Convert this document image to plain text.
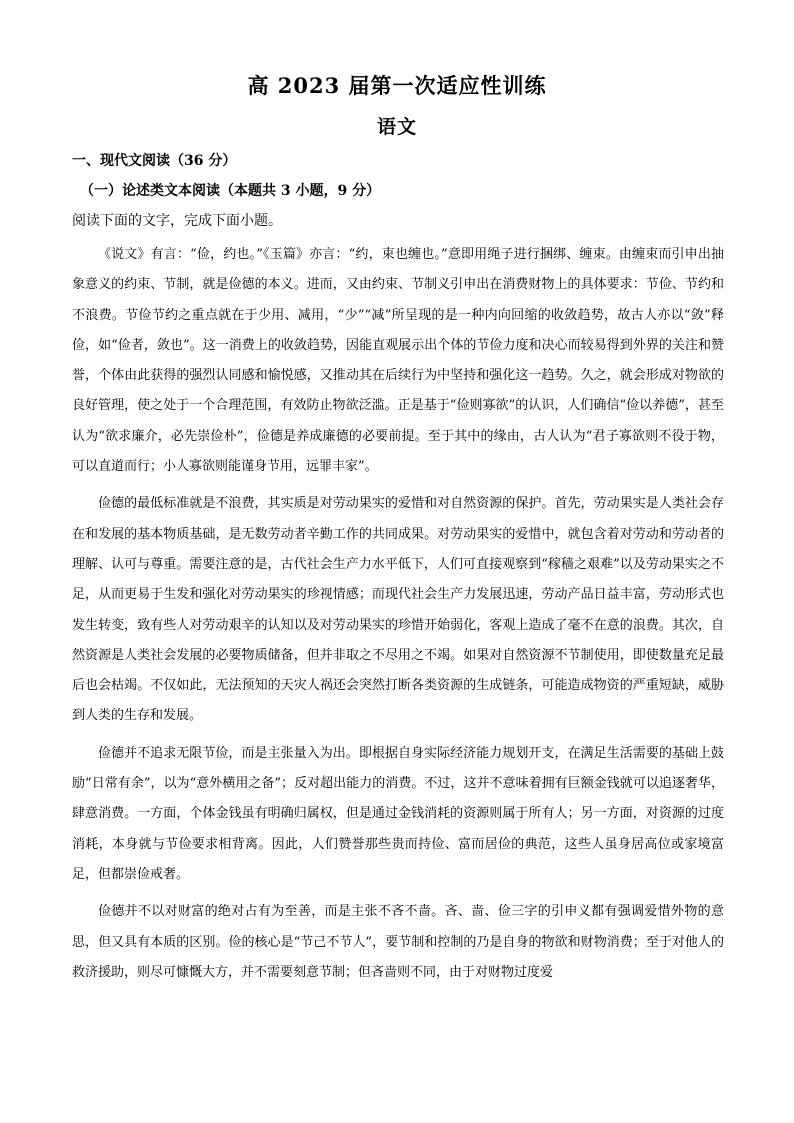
高 2023 届第一次适应性训练
语文
一、现代文阅读（36 分）
（一）论述类文本阅读（本题共 3 小题，9 分）
阅读下面的文字，完成下面小题。

《说文》有言：“俭，约也。”《玉篇》亦言：“约，束也缠也。”意即用绳子进行捆绑、缠束。由缠束而引申出抽象意义的约束、节制，就是俭德的本义。进而，又由约束、节制义引申出在消费财物上的具体要求：节俭、节约和不浪费。节俭节约之重点就在于少用、减用，“少”“减”所呈现的是一种内向回缩的收敛趋势，故古人亦以“敛”释俭，如“俭者，敛也”。这一消费上的收敛趋势，因能直观展示出个体的节俭力度和决心而较易得到外界的关注和赞誉，个体由此获得的强烈认同感和愉悦感，又推动其在后续行为中坚持和强化这一趋势。久之，就会形成对物欲的良好管理，使之处于一个合理范围，有效防止物欲泛滥。正是基于“俭则寡欲”的认识，人们确信“俭以养德”，甚至认为“欲求廉介，必先崇俭朴”，俭德是养成廉德的必要前提。至于其中的缘由，古人认为“君子寡欲则不役于物，可以直道而行；小人寡欲则能谨身节用，远罪丰家”。

俭德的最低标准就是不浪费，其实质是对劳动果实的爱惜和对自然资源的保护。首先，劳动果实是人类社会存在和发展的基本物质基础，是无数劳动者辛勤工作的共同成果。对劳动果实的爱惜中，就包含着对劳动和劳动者的理解、认可与尊重。需要注意的是，古代社会生产力水平低下，人们可直接观察到“稼穑之艰难”以及劳动果实之不足，从而更易于生发和强化对劳动果实的珍视情感；而现代社会生产力发展迅速，劳动产品日益丰富，劳动形式也发生转变，致有些人对劳动艰辛的认知以及对劳动果实的珍惜开始弱化，客观上造成了毫不在意的浪费。其次，自然资源是人类社会发展的必要物质储备，但并非取之不尽用之不竭。如果对自然资源不节制使用，即使数量充足最后也会枯竭。不仅如此，无法预知的天灾人祸还会突然打断各类资源的生成链条，可能造成物资的严重短缺，威胁到人类的生存和发展。

俭德并不追求无限节俭，而是主张量入为出。即根据自身实际经济能力规划开支，在满足生活需要的基础上鼓励“日常有余”，以为“意外横用之备”；反对超出能力的消费。不过，这并不意味着拥有巨额金钱就可以追逐奢华，肆意消费。一方面，个体金钱虽有明确归属权，但是通过金钱消耗的资源则属于所有人；另一方面，对资源的过度消耗，本身就与节俭要求相背离。因此，人们赞誉那些贵而持俭、富而居俭的典范，这些人虽身居高位或家境富足，但都崇俭戒奢。

俭德并不以对财富的绝对占有为至善，而是主张不吝不啬。吝、啬、俭三字的引申义都有强调爱惜外物的意思，但又具有本质的区别。俭的核心是“节己不节人”，要节制和控制的乃是自身的物欲和财物消费；至于对他人的救济援助，则尽可慷慨大方，并不需要刻意节制；但吝啬则不同，由于对财物过度爱
